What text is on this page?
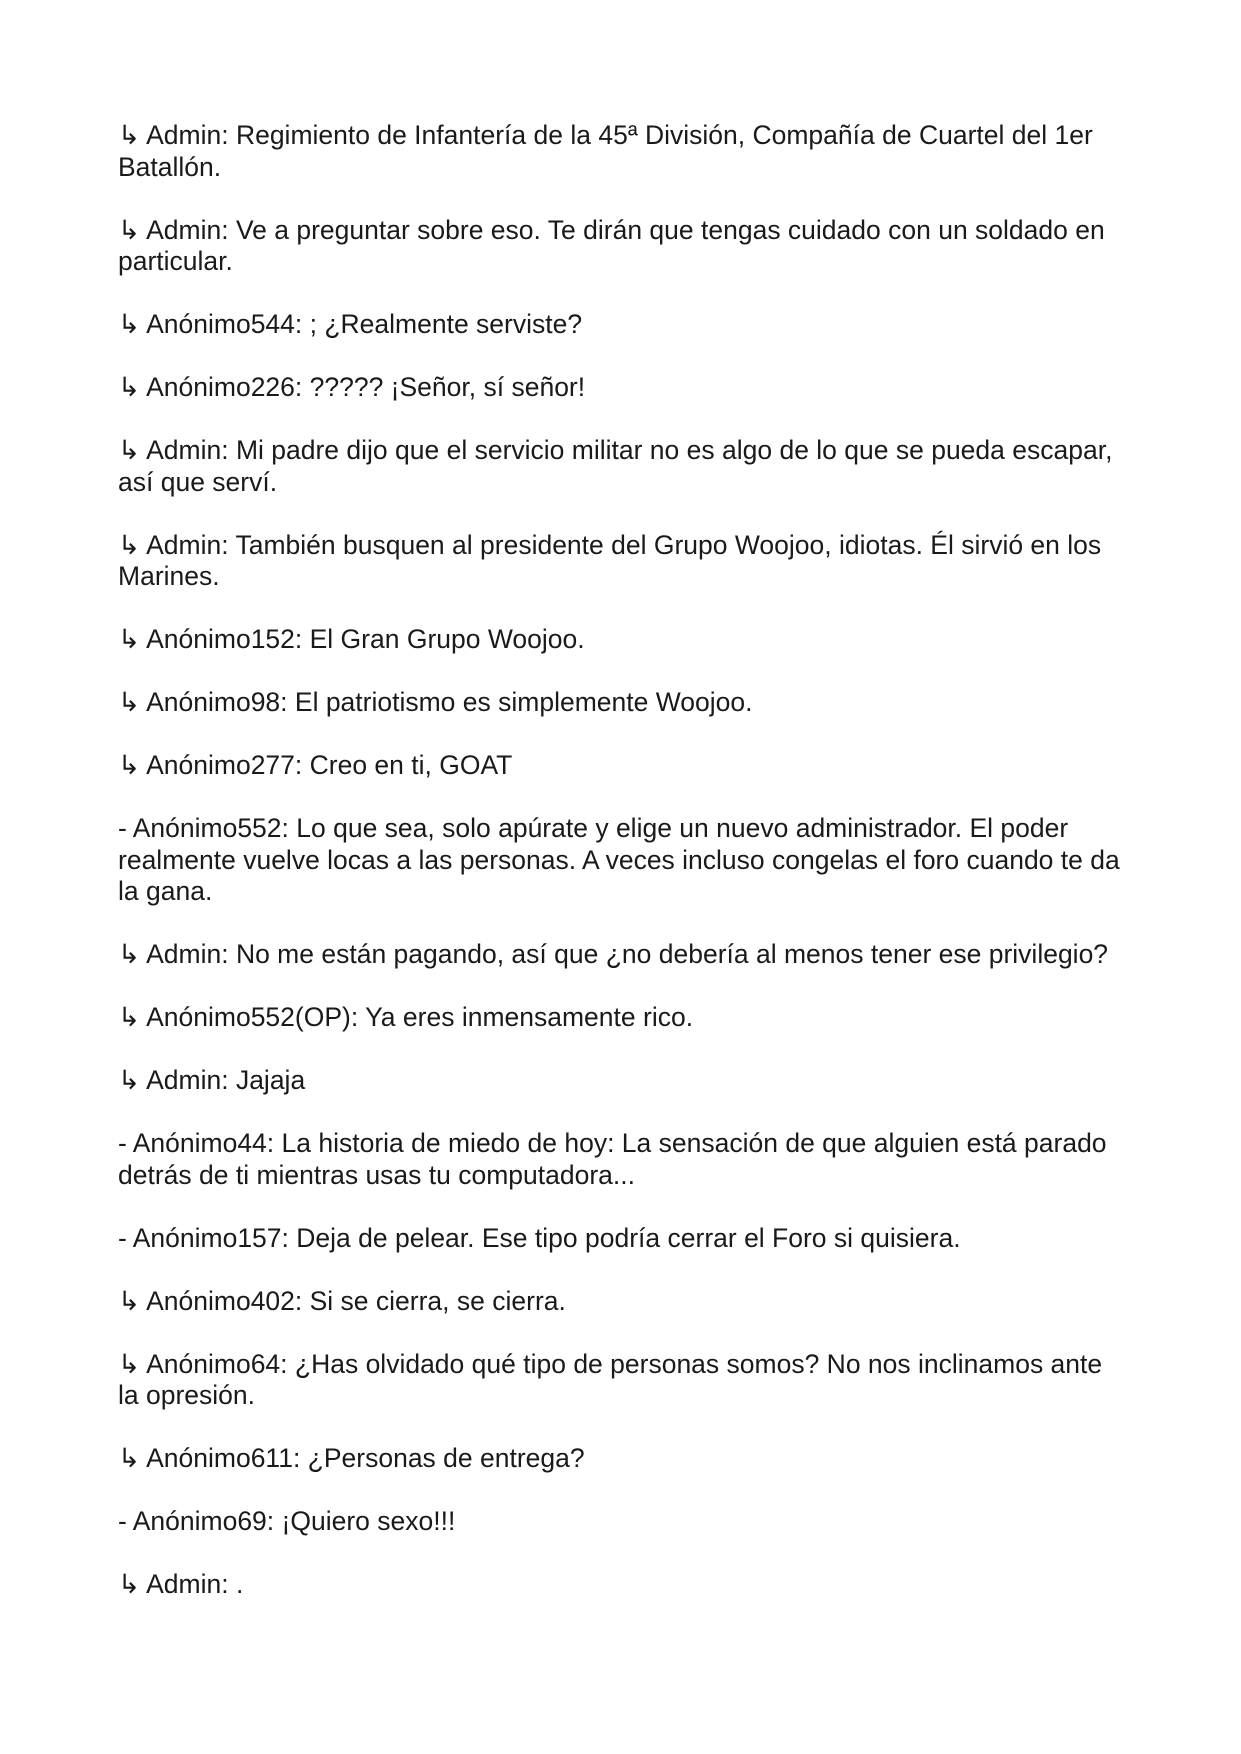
↳ Admin: Regimiento de Infantería de la 45ª División, Compañía de Cuartel del 1er Batallón.

↳ Admin: Ve a preguntar sobre eso. Te dirán que tengas cuidado con un soldado en particular.

↳ Anónimo544: ; ¿Realmente serviste?

↳ Anónimo226: ????? ¡Señor, sí señor!

↳ Admin: Mi padre dijo que el servicio militar no es algo de lo que se pueda escapar, así que serví.

↳ Admin: También busquen al presidente del Grupo Woojoo, idiotas. Él sirvió en los Marines.

↳ Anónimo152: El Gran Grupo Woojoo.

↳ Anónimo98: El patriotismo es simplemente Woojoo.

↳ Anónimo277: Creo en ti, GOAT

- Anónimo552: Lo que sea, solo apúrate y elige un nuevo administrador. El poder realmente vuelve locas a las personas. A veces incluso congelas el foro cuando te da la gana.

↳ Admin: No me están pagando, así que ¿no debería al menos tener ese privilegio?

↳ Anónimo552(OP): Ya eres inmensamente rico.

↳ Admin: Jajaja

- Anónimo44: La historia de miedo de hoy: La sensación de que alguien está parado detrás de ti mientras usas tu computadora...

- Anónimo157: Deja de pelear. Ese tipo podría cerrar el Foro si quisiera.

↳ Anónimo402: Si se cierra, se cierra.

↳ Anónimo64: ¿Has olvidado qué tipo de personas somos? No nos inclinamos ante la opresión.

↳ Anónimo611: ¿Personas de entrega?

- Anónimo69: ¡Quiero sexo!!!

↳ Admin: .
